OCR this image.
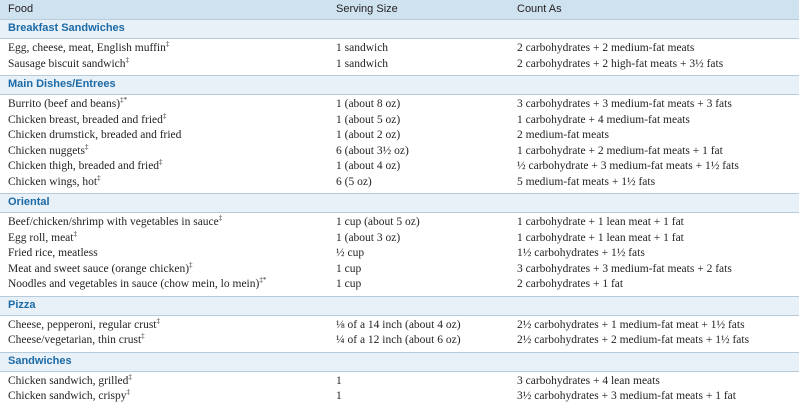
Food	Serving Size	Count As
Breakfast Sandwiches
Egg, cheese, meat, English muffin‡	1 sandwich	2 carbohydrates + 2 medium-fat meats
Sausage biscuit sandwich‡	1 sandwich	2 carbohydrates + 2 high-fat meats + 3½ fats
Main Dishes/Entrees
Burrito (beef and beans)‡*	1 (about 8 oz)	3 carbohydrates + 3 medium-fat meats + 3 fats
Chicken breast, breaded and fried‡	1 (about 5 oz)	1 carbohydrate + 4 medium-fat meats
Chicken drumstick, breaded and fried	1 (about 2 oz)	2 medium-fat meats
Chicken nuggets‡	6 (about 3½ oz)	1 carbohydrate + 2 medium-fat meats + 1 fat
Chicken thigh, breaded and fried‡	1 (about 4 oz)	½ carbohydrate + 3 medium-fat meats + 1½ fats
Chicken wings, hot‡	6 (5 oz)	5 medium-fat meats + 1½ fats
Oriental
Beef/chicken/shrimp with vegetables in sauce‡	1 cup (about 5 oz)	1 carbohydrate + 1 lean meat + 1 fat
Egg roll, meat‡	1 (about 3 oz)	1 carbohydrate + 1 lean meat + 1 fat
Fried rice, meatless	½ cup	1½ carbohydrates + 1½ fats
Meat and sweet sauce (orange chicken)‡	1 cup	3 carbohydrates + 3 medium-fat meats + 2 fats
Noodles and vegetables in sauce (chow mein, lo mein)‡*	1 cup	2 carbohydrates + 1 fat
Pizza
Cheese, pepperoni, regular crust‡	⅛ of a 14 inch (about 4 oz)	2½ carbohydrates + 1 medium-fat meat + 1½ fats
Cheese/vegetarian, thin crust‡	¼ of a 12 inch (about 6 oz)	2½ carbohydrates + 2 medium-fat meats + 1½ fats
Sandwiches
Chicken sandwich, grilled‡	1	3 carbohydrates + 4 lean meats
Chicken sandwich, crispy‡	1	3½ carbohydrates + 3 medium-fat meats + 1 fat
